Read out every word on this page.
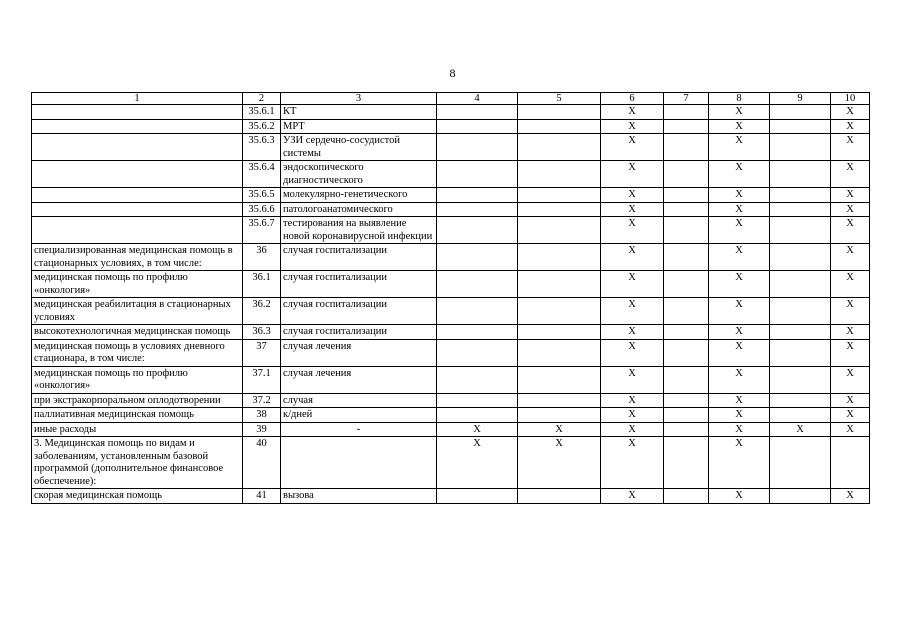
8
1	2	3	4	5	6	7	8	9	10
	35.6.1	КТ			X		X		X
	35.6.2	МРТ			X		X		X
	35.6.3	УЗИ сердечно-сосудистой системы			X		X		X
	35.6.4	эндоскопического диагностического			X		X		X
	35.6.5	молекулярно-генетического			X		X		X
	35.6.6	патологоанатомического			X		X		X
	35.6.7	тестирования на выявление новой коронавирусной инфекции			X		X		X
специализированная медицинская помощь в стационарных условиях, в том числе:	36	случая госпитализации			X		X		X
медицинская помощь по профилю «онкология»	36.1	случая госпитализации			X		X		X
медицинская реабилитация в стационарных условиях	36.2	случая госпитализации			X		X		X
высокотехнологичная медицинская помощь	36.3	случая госпитализации			X		X		X
медицинская помощь в условиях дневного стационара, в том числе:	37	случая лечения			X		X		X
медицинская помощь по профилю «онкология»	37.1	случая лечения			X		X		X
при экстракорпоральном оплодотворении	37.2	случая			X		X		X
паллиативная медицинская помощь	38	к/дней			X		X		X
иные расходы	39	-	X	X	X		X	X	X
3. Медицинская помощь по видам и заболеваниям, установленным базовой программой (дополнительное финансовое обеспечение):	40		X	X	X		X		
скорая медицинская помощь	41	вызова			X		X		X
